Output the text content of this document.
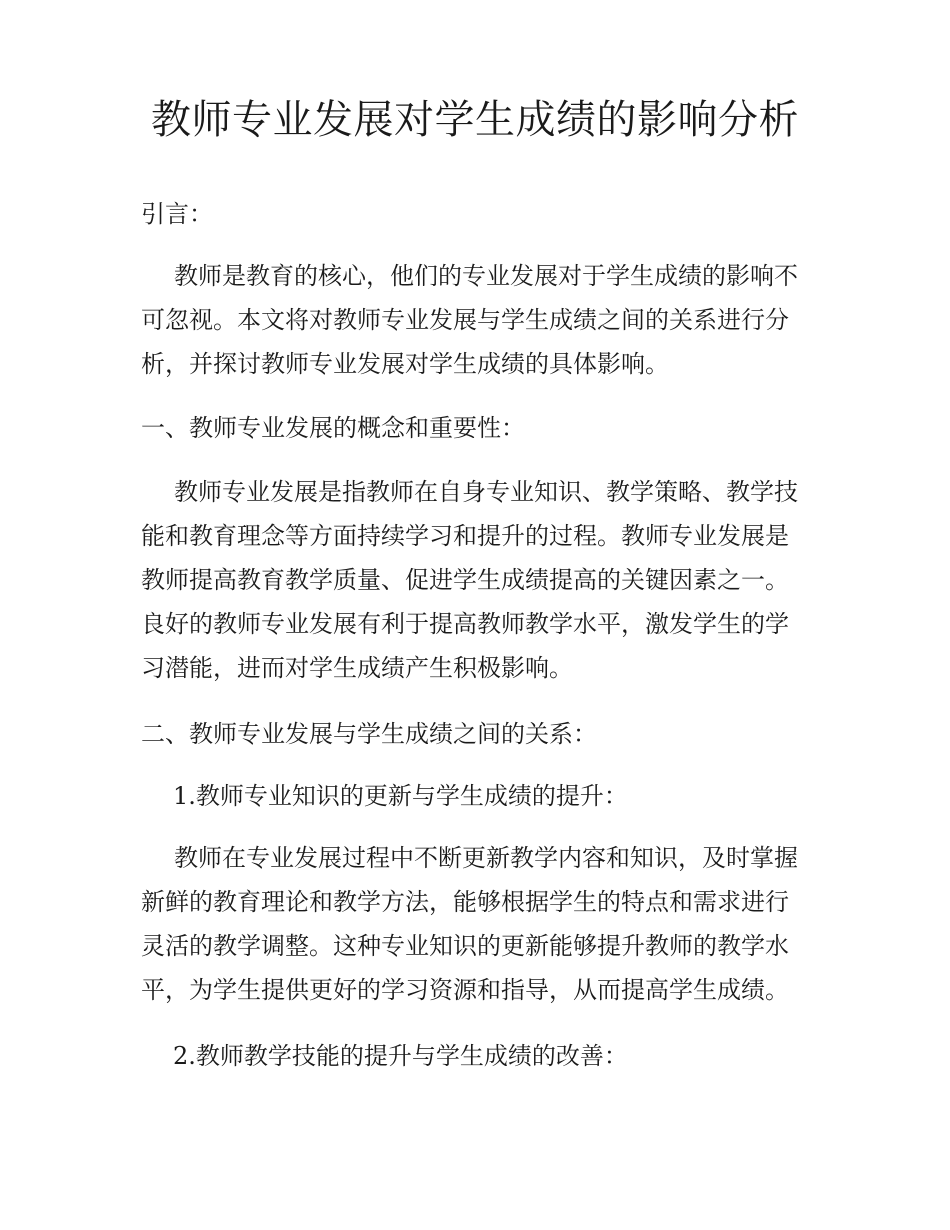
教师专业发展对学生成绩的影响分析
引言：
教师是教育的核心，他们的专业发展对于学生成绩的影响不可忽视。本文将对教师专业发展与学生成绩之间的关系进行分析，并探讨教师专业发展对学生成绩的具体影响。
一、教师专业发展的概念和重要性：
教师专业发展是指教师在自身专业知识、教学策略、教学技能和教育理念等方面持续学习和提升的过程。教师专业发展是教师提高教育教学质量、促进学生成绩提高的关键因素之一。良好的教师专业发展有利于提高教师教学水平，激发学生的学习潜能，进而对学生成绩产生积极影响。
二、教师专业发展与学生成绩之间的关系：
1.教师专业知识的更新与学生成绩的提升：
教师在专业发展过程中不断更新教学内容和知识，及时掌握新鲜的教育理论和教学方法，能够根据学生的特点和需求进行灵活的教学调整。这种专业知识的更新能够提升教师的教学水平，为学生提供更好的学习资源和指导，从而提高学生成绩。
2.教师教学技能的提升与学生成绩的改善：
